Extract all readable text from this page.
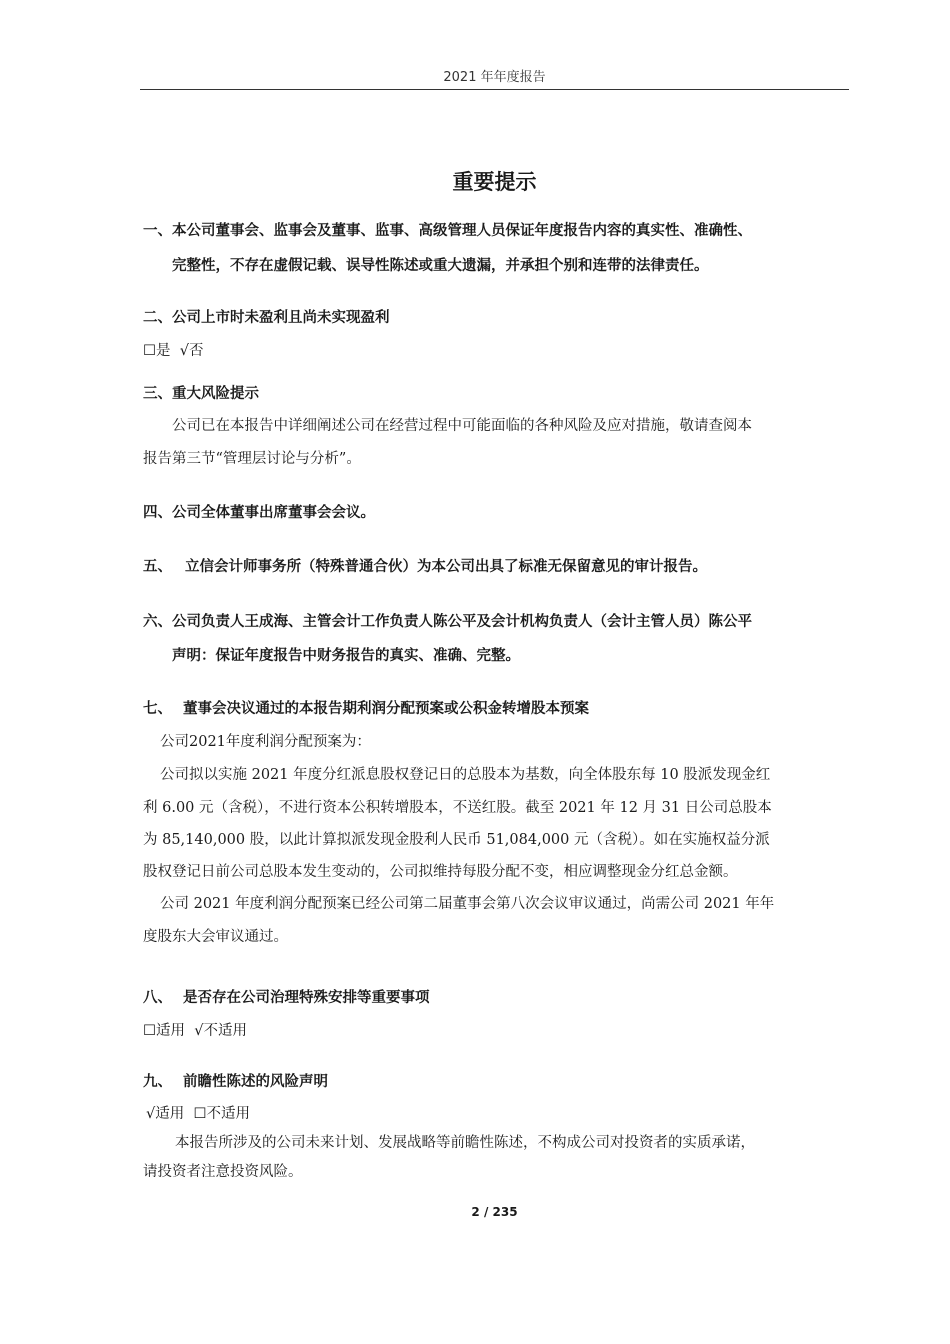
2021 年年度报告
重要提示
一、本公司董事会、监事会及董事、监事、高级管理人员保证年度报告内容的真实性、准确性、
完整性，不存在虚假记载、误导性陈述或重大遗漏，并承担个别和连带的法律责任。
二、公司上市时未盈利且尚未实现盈利
☐是 √否
三、重大风险提示
公司已在本报告中详细阐述公司在经营过程中可能面临的各种风险及应对措施，敬请查阅本
报告第三节“管理层讨论与分析”。
四、公司全体董事出席董事会会议。
五、 立信会计师事务所（特殊普通合伙）为本公司出具了标准无保留意见的审计报告。
六、公司负责人王成海、主管会计工作负责人陈公平及会计机构负责人（会计主管人员）陈公平
声明：保证年度报告中财务报告的真实、准确、完整。
七、 董事会决议通过的本报告期利润分配预案或公积金转增股本预案
公司2021年度利润分配预案为：
公司拟以实施 2021 年度分红派息股权登记日的总股本为基数，向全体股东每 10 股派发现金红
利 6.00 元（含税），不进行资本公积转增股本，不送红股。截至 2021 年 12 月 31 日公司总股本
为 85,140,000 股，以此计算拟派发现金股利人民币 51,084,000 元（含税）。如在实施权益分派
股权登记日前公司总股本发生变动的，公司拟维持每股分配不变，相应调整现金分红总金额。
公司 2021 年度利润分配预案已经公司第二届董事会第八次会议审议通过，尚需公司 2021 年年
度股东大会审议通过。
八、 是否存在公司治理特殊安排等重要事项
☐适用 √不适用
九、 前瞻性陈述的风险声明
√适用 ☐不适用
本报告所涉及的公司未来计划、发展战略等前瞻性陈述，不构成公司对投资者的实质承诺，
请投资者注意投资风险。
2 / 235
